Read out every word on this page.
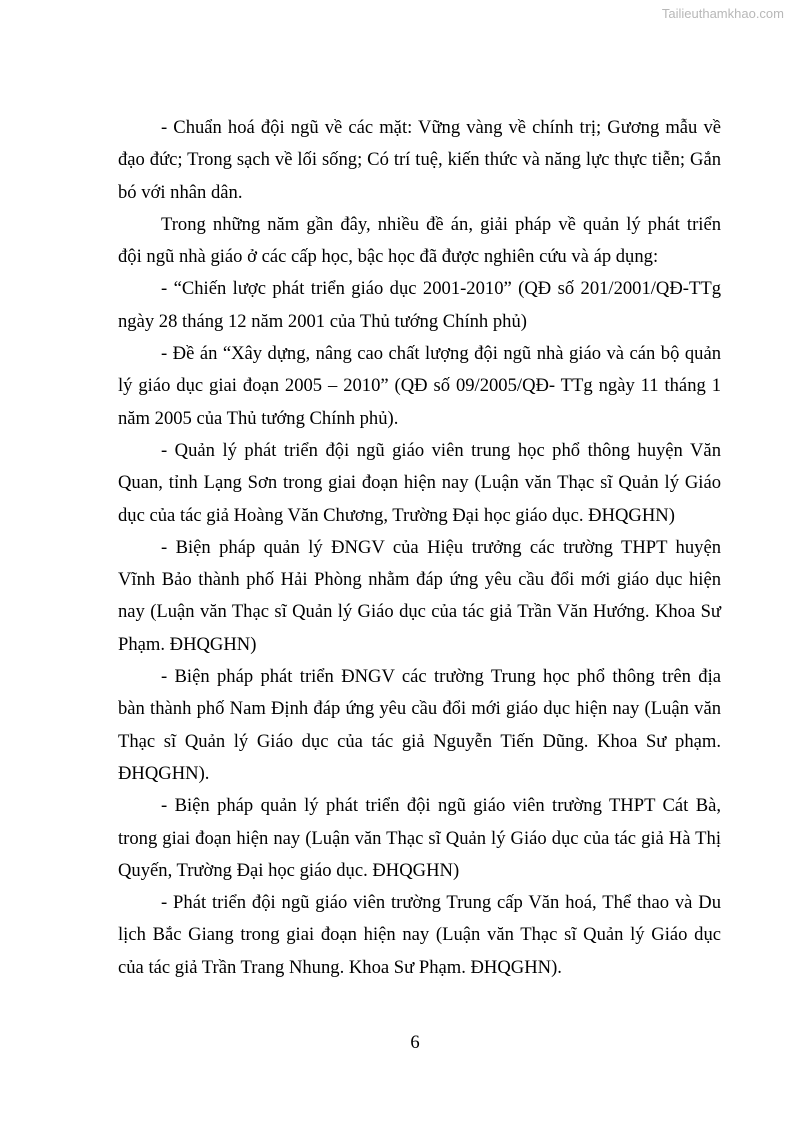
Tailieuthamkhao.com
- Chuẩn hoá đội ngũ về các mặt: Vững vàng về chính trị; Gương mẫu về
đạo đức; Trong sạch về lối sống; Có trí tuệ, kiến thức và năng lực thực tiễn; Gắn
bó với nhân dân.
Trong những năm gần đây, nhiều đề án, giải pháp về quản lý phát triển
đội ngũ nhà giáo ở các cấp học, bậc học đã được nghiên cứu và áp dụng:
- “Chiến lược phát triển giáo dục 2001-2010” (QĐ số 201/2001/QĐ-TTg
ngày 28 tháng 12 năm 2001 của Thủ tướng Chính phủ)
- Đề án “Xây dựng, nâng cao chất lượng đội ngũ nhà giáo và cán bộ quản
lý giáo dục giai đoạn 2005 – 2010” (QĐ số 09/2005/QĐ- TTg ngày 11 tháng 1
năm 2005 của Thủ tướng Chính phủ).
- Quản lý phát triển đội ngũ giáo viên trung học phổ thông huyện Văn
Quan, tỉnh Lạng Sơn trong giai đoạn hiện nay (Luận văn Thạc sĩ Quản lý Giáo
dục của tác giả Hoàng Văn Chương, Trường Đại học giáo dục. ĐHQGHN)
- Biện pháp quản lý ĐNGV của Hiệu trưởng các trường THPT huyện
Vĩnh Bảo thành phố Hải Phòng nhằm đáp ứng yêu cầu đổi mới giáo dục hiện
nay (Luận văn Thạc sĩ Quản lý Giáo dục của tác giả Trần Văn Hướng. Khoa Sư
Phạm. ĐHQGHN)
- Biện pháp phát triển ĐNGV các trường Trung học phổ thông trên địa
bàn thành phố Nam Định đáp ứng yêu cầu đổi mới giáo dục hiện nay (Luận văn
Thạc sĩ Quản lý Giáo dục của tác giả Nguyễn Tiến Dũng. Khoa Sư phạm.
ĐHQGHN).
- Biện pháp quản lý phát triển đội ngũ giáo viên trường THPT Cát Bà,
trong giai đoạn hiện nay (Luận văn Thạc sĩ Quản lý Giáo dục của tác giả Hà Thị
Quyến, Trường Đại học giáo dục. ĐHQGHN)
- Phát triển đội ngũ giáo viên trường Trung cấp Văn hoá, Thể thao và Du
lịch Bắc Giang trong giai đoạn hiện nay (Luận văn Thạc sĩ Quản lý Giáo dục
của tác giả Trần Trang Nhung. Khoa Sư Phạm. ĐHQGHN).
6
